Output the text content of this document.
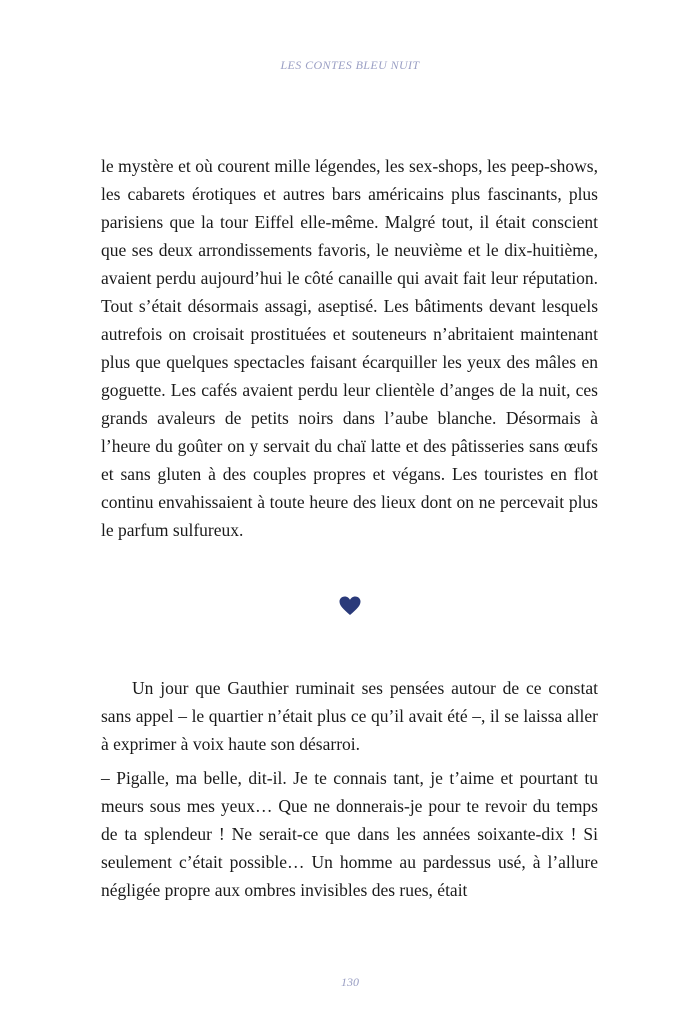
LES CONTES BLEU NUIT

le mystère et où courent mille légendes, les sex-shops, les peep-shows, les cabarets érotiques et autres bars américains plus fascinants, plus parisiens que la tour Eiffel elle-même. Malgré tout, il était conscient que ses deux arrondissements favoris, le neuvième et le dix-huitième, avaient perdu aujourd’hui le côté canaille qui avait fait leur réputation. Tout s’était désormais assagi, aseptisé. Les bâtiments devant lesquels autrefois on croisait prostituées et souteneurs n’abritaient maintenant plus que quelques spectacles faisant écarquiller les yeux des mâles en goguette. Les cafés avaient perdu leur clientèle d’anges de la nuit, ces grands avaleurs de petits noirs dans l’aube blanche. Désormais à l’heure du goûter on y servait du chaï latte et des pâtisseries sans œufs et sans gluten à des couples propres et végans. Les touristes en flot continu envahissaient à toute heure des lieux dont on ne percevait plus le parfum sulfureux.

Un jour que Gauthier ruminait ses pensées autour de ce constat sans appel – le quartier n’était plus ce qu’il avait été –, il se laissa aller à exprimer à voix haute son désarroi.

– Pigalle, ma belle, dit-il. Je te connais tant, je t’aime et pourtant tu meurs sous mes yeux… Que ne donnerais-je pour te revoir du temps de ta splendeur ! Ne serait-ce que dans les années soixante-dix ! Si seulement c’était possible… Un homme au pardessus usé, à l’allure négligée propre aux ombres invisibles des rues, était

130
